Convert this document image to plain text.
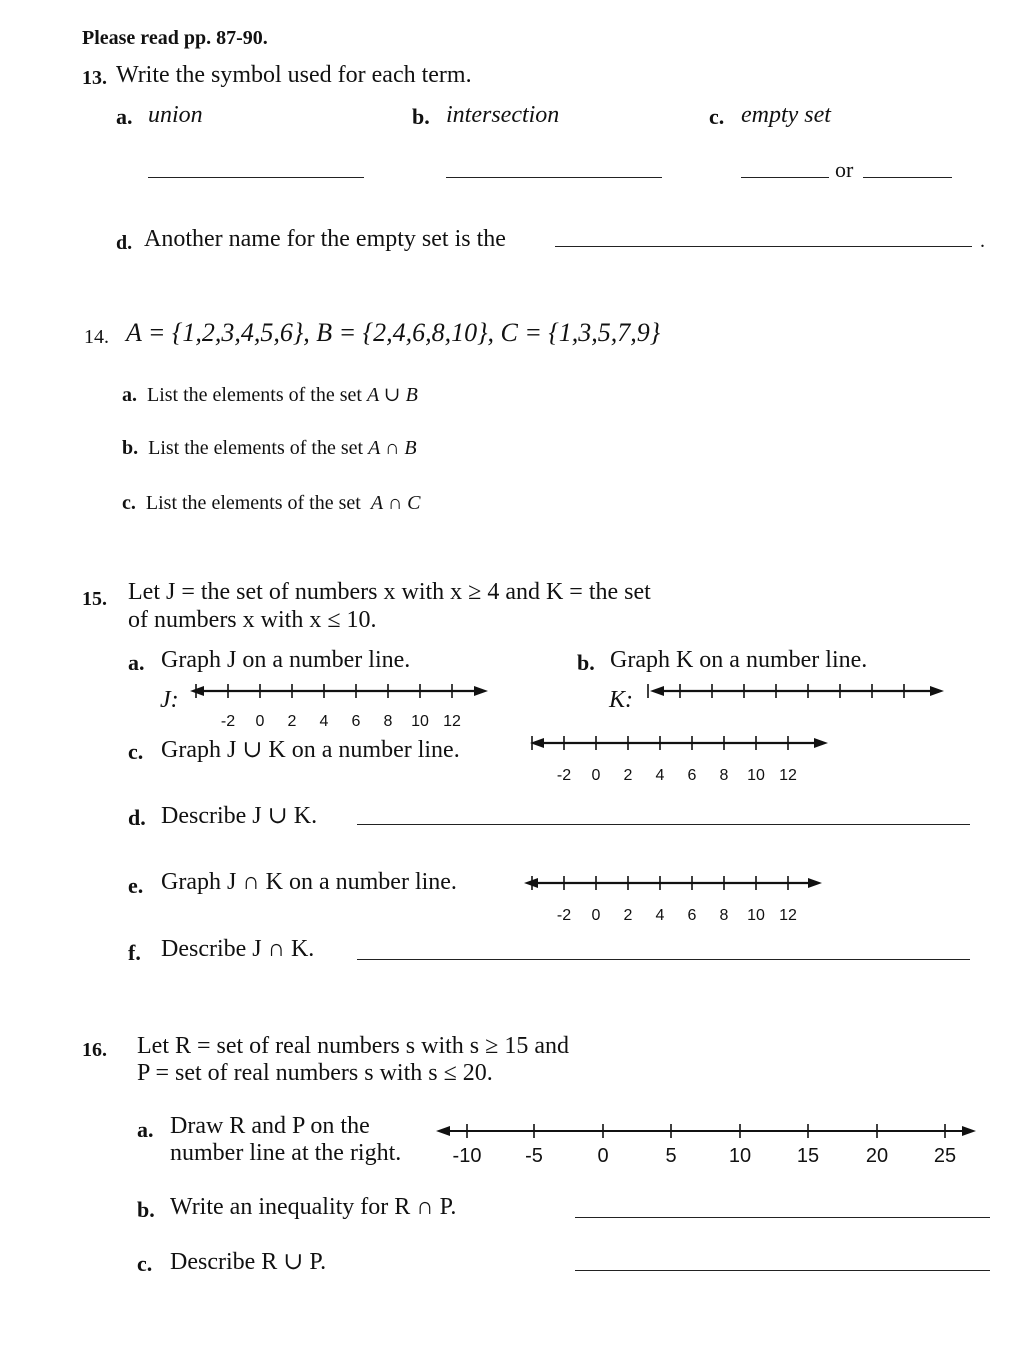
Please read pp. 87-90.
13. Write the symbol used for each term.
a. union	b. intersection	c. empty set
or
d. Another name for the empty set is the	.
14. A = {1,2,3,4,5,6}, B = {2,4,6,8,10}, C = {1,3,5,7,9}
a. List the elements of the set A ∪ B
b. List the elements of the set A ∩ B
c. List the elements of the set A ∩ C
15. Let J = the set of numbers x with x ≥ 4 and K = the set
of numbers x with x ≤ 10.
a. Graph J on a number line.
J:
b. Graph K on a number line.
K:
c. Graph J ∪ K on a number line.
d. Describe J ∪ K.
e. Graph J ∩ K on a number line.
f. Describe J ∩ K.
-2 0 2 4 6 8 10 12
-2 0 2 4 6 8 10 12
-2 0 2 4 6 8 10 12
16. Let R = set of real numbers s with s ≥ 15 and
P = set of real numbers s with s ≤ 20.
a. Draw R and P on the
number line at the right.	-10 -5	0	5	10 15 20 25
b. Write an inequality for R ∩ P.
c. Describe R ∪ P.
